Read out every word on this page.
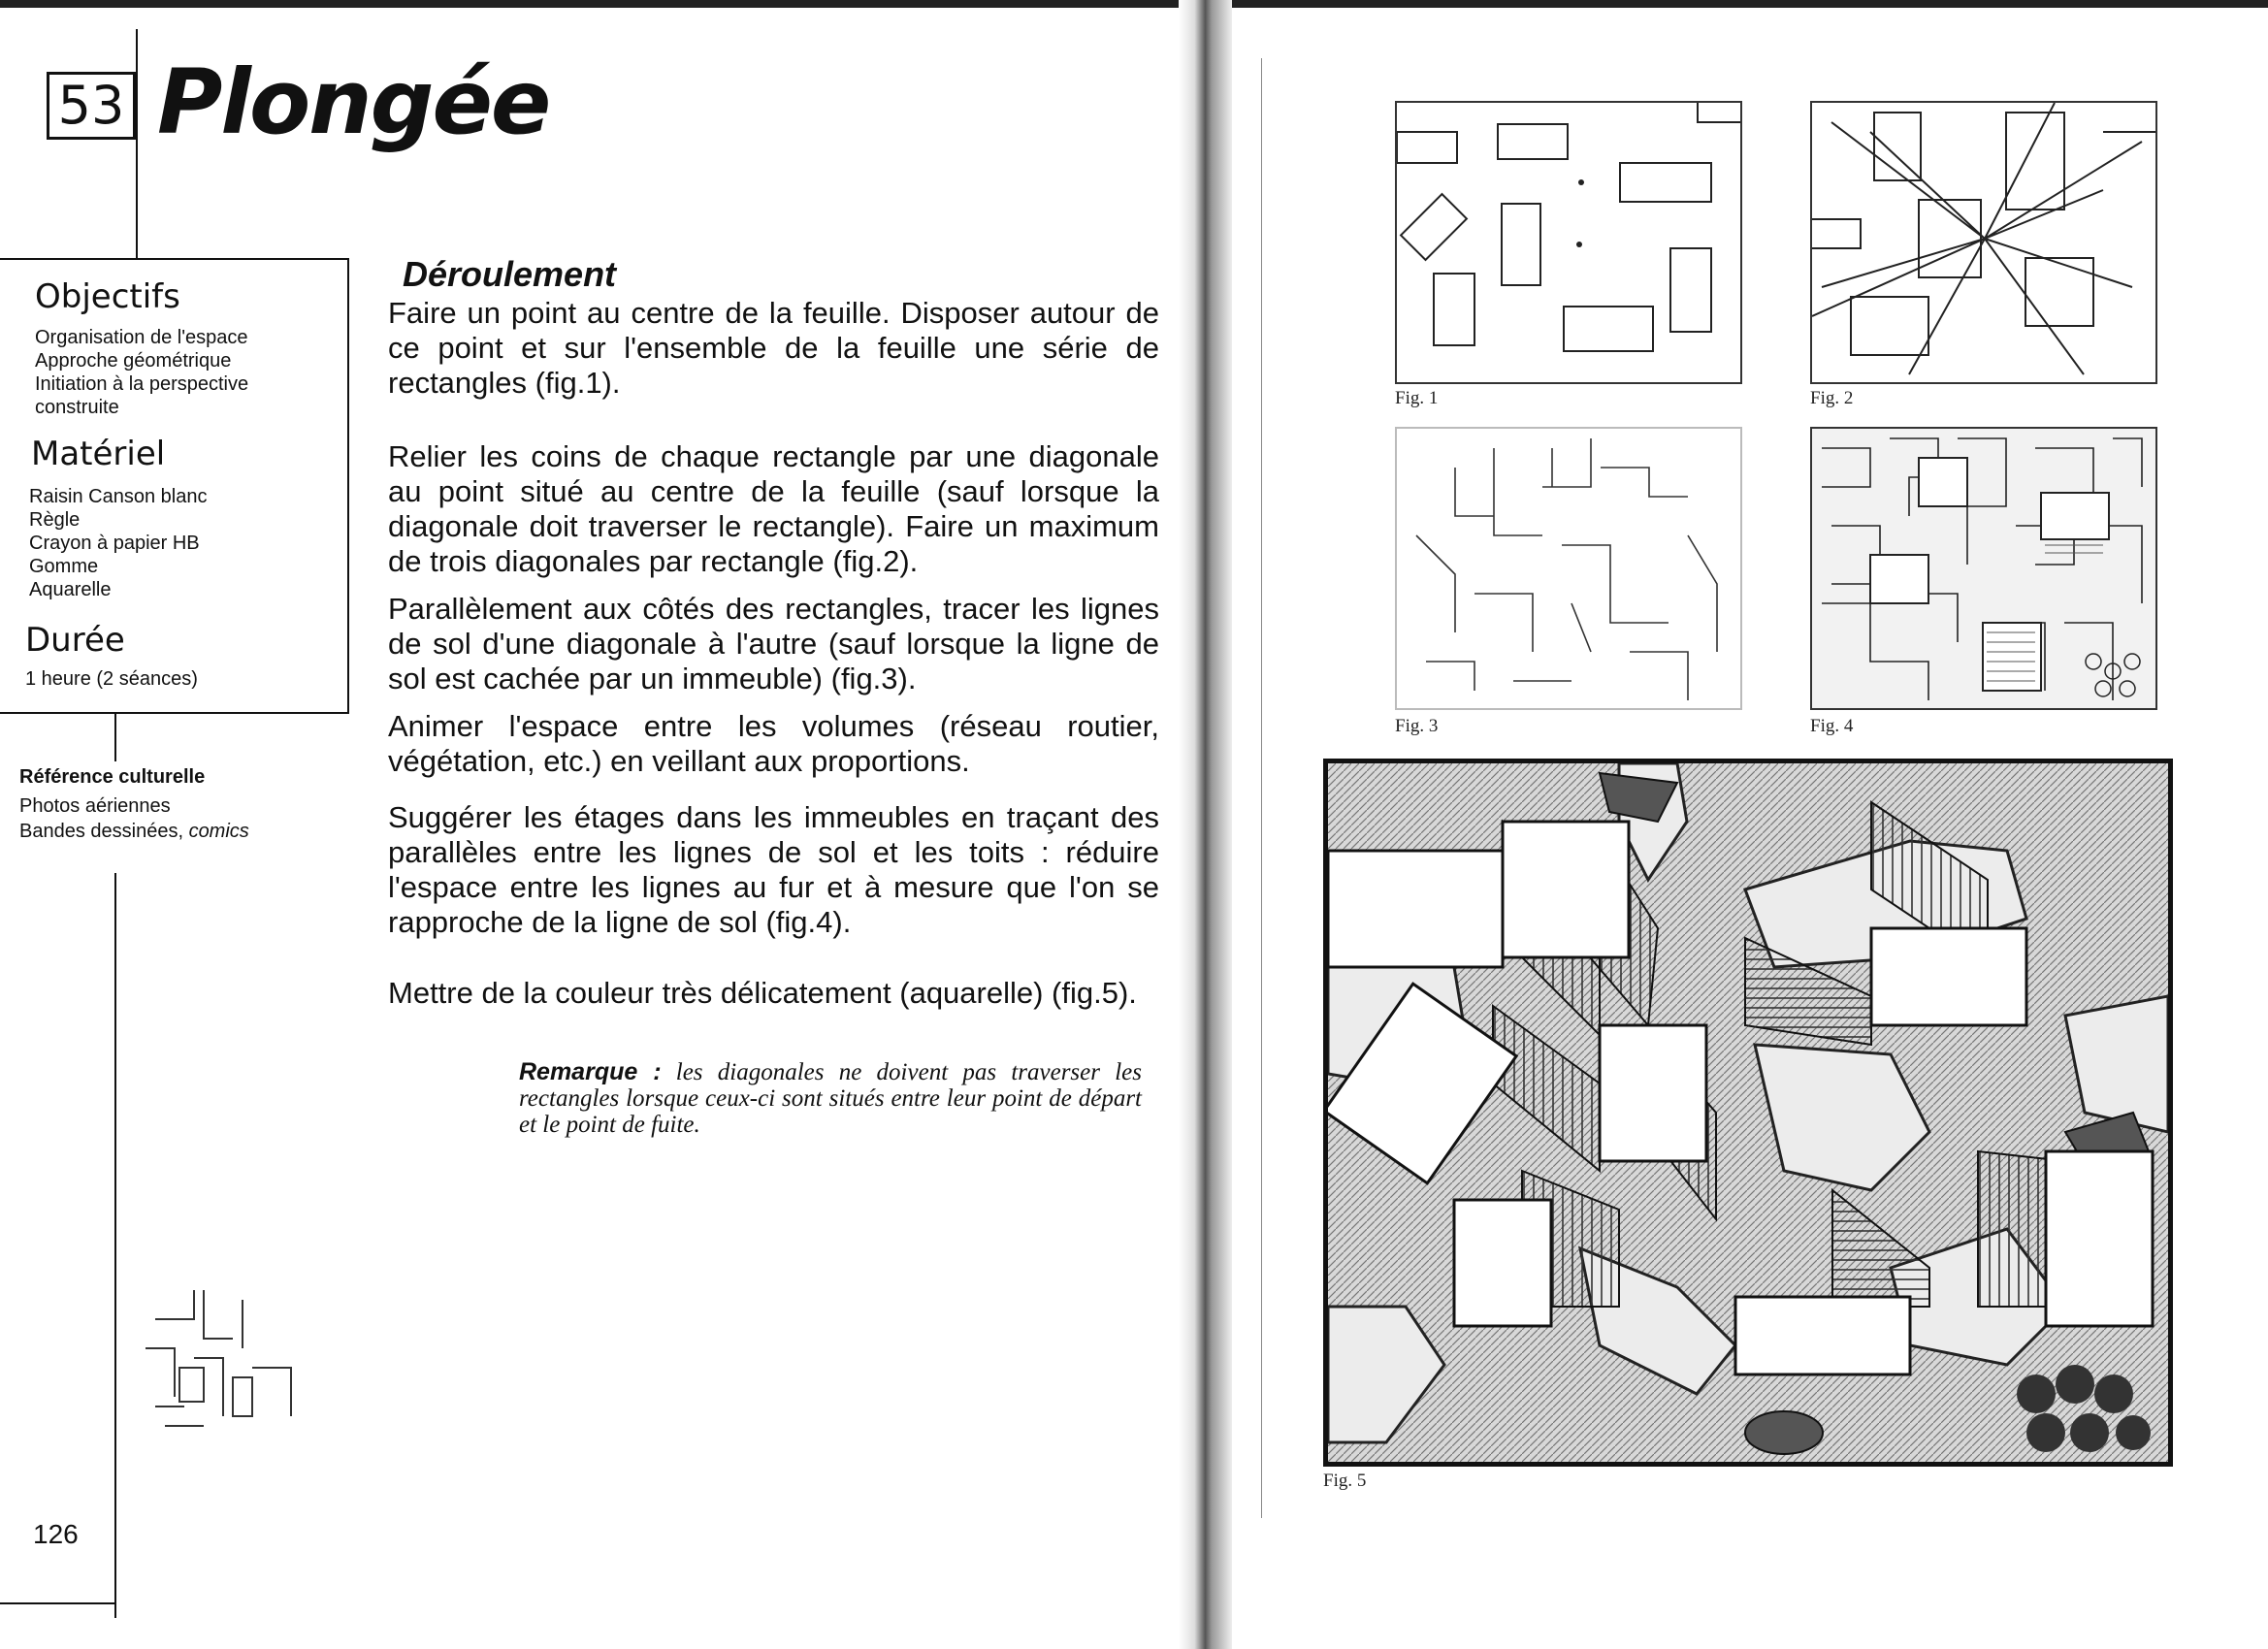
53 Plongée
Objectifs
Organisation de l'espace
Approche géométrique
Initiation à la perspective
construite
Matériel
Raisin Canson blanc
Règle
Crayon à papier HB
Gomme
Aquarelle
Durée
1 heure (2 séances)
Référence culturelle
Photos aériennes
Bandes dessinées, comics
Déroulement

Faire un point au centre de la feuille. Disposer autour de ce point et sur l'ensemble de la feuille une série de rectangles (fig.1).

Relier les coins de chaque rectangle par une diagonale au point situé au centre de la feuille (sauf lorsque la diagonale doit traverser le rectangle). Faire un maximum de trois diagonales par rectangle (fig.2).

Parallèlement aux côtés des rectangles, tracer les lignes de sol d'une diagonale à l'autre (sauf lorsque la ligne de sol est cachée par un immeuble) (fig.3).

Animer l'espace entre les volumes (réseau routier, végétation, etc.) en veillant aux proportions.

Suggérer les étages dans les immeubles en traçant des parallèles entre les lignes de sol et les toits : réduire l'espace entre les lignes au fur et à mesure que l'on se rapproche de la ligne de sol (fig.4).

Mettre de la couleur très délicatement (aquarelle) (fig.5).

Remarque : les diagonales ne doivent pas traverser les rectangles lorsque ceux-ci sont situés entre leur point de départ et le point de fuite.

126
Fig. 1	Fig. 2
Fig. 3	Fig. 4
Fig. 5
